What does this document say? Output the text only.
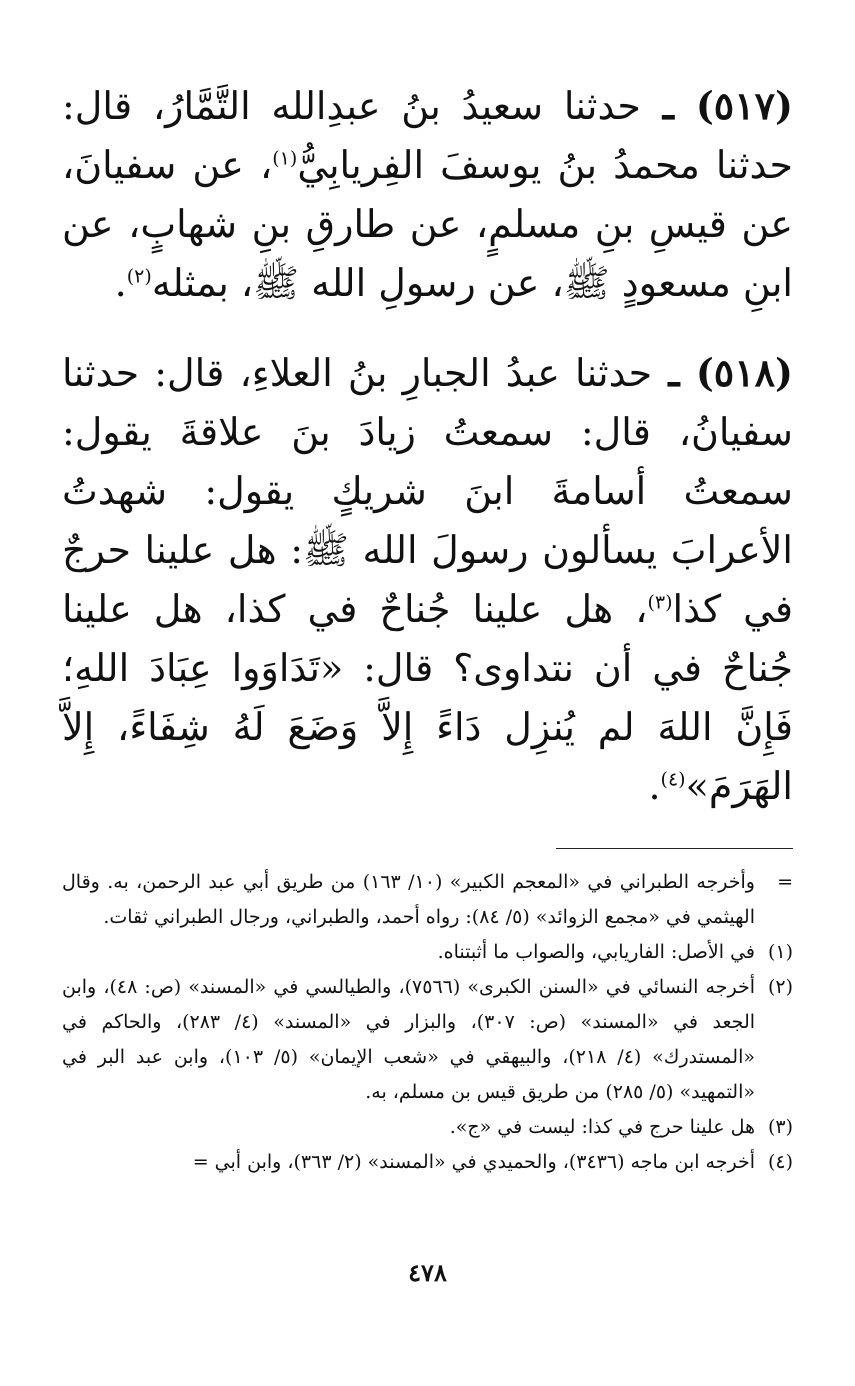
(٥١٧) ـ حدثنا سعيدُ بنُ عبدِالله التَّمَّارُ، قال: حدثنا محمدُ بنُ يوسفَ الفِريابِيُّ$^{(١)}$، عن سفيانَ، عن قيسِ بنِ مسلمٍ، عن طارقِ بنِ شهابٍ، عن ابنِ مسعودٍ ﷺ، عن رسولِ الله ﷺ، بمثله$^{(٢)}$.

(٥١٨) ـ حدثنا عبدُ الجبارِ بنُ العلاءِ، قال: حدثنا سفيانُ، قال: سمعتُ زيادَ بنَ علاقةَ يقول: سمعتُ أسامةَ ابنَ شريكٍ يقول: شهدتُ الأعرابَ يسألون رسولَ الله ﷺ: هل علينا حرجٌ في كذا$^{(٣)}$، هل علينا جُناحٌ في كذا، هل علينا جُناحٌ في أن نتداوى؟ قال: «تَدَاوَوا عِبَادَ اللهِ؛ فَإِنَّ اللهَ لم يُنزِل دَاءً إِلاَّ وَضَعَ لَهُ شِفَاءً، إِلاَّ الهَرَمَ»$^{(٤)}$.

=
وأخرجه الطبراني في «المعجم الكبير» (١٠/ ١٦٣) من طريق أبي عبد الرحمن، به. وقال الهيثمي في «مجمع الزوائد» (٥/ ٨٤): رواه أحمد، والطبراني، ورجال الطبراني ثقات.
(١)
في الأصل: الفاريابي، والصواب ما أثبتناه.
(٢)
أخرجه النسائي في «السنن الكبرى» (٧٥٦٦)، والطيالسي في «المسند» (ص: ٤٨)، وابن الجعد في «المسند» (ص: ٣٠٧)، والبزار في «المسند» (٤/ ٢٨٣)، والحاكم في «المستدرك» (٤/ ٢١٨)، والبيهقي في «شعب الإيمان» (٥/ ١٠٣)، وابن عبد البر في «التمهيد» (٥/ ٢٨٥) من طريق قيس بن مسلم، به.
(٣)
هل علينا حرج في كذا: ليست في «ج».
(٤)
أخرجه ابن ماجه (٣٤٣٦)، والحميدي في «المسند» (٢/ ٣٦٣)، وابن أبي =
٤٧٨
